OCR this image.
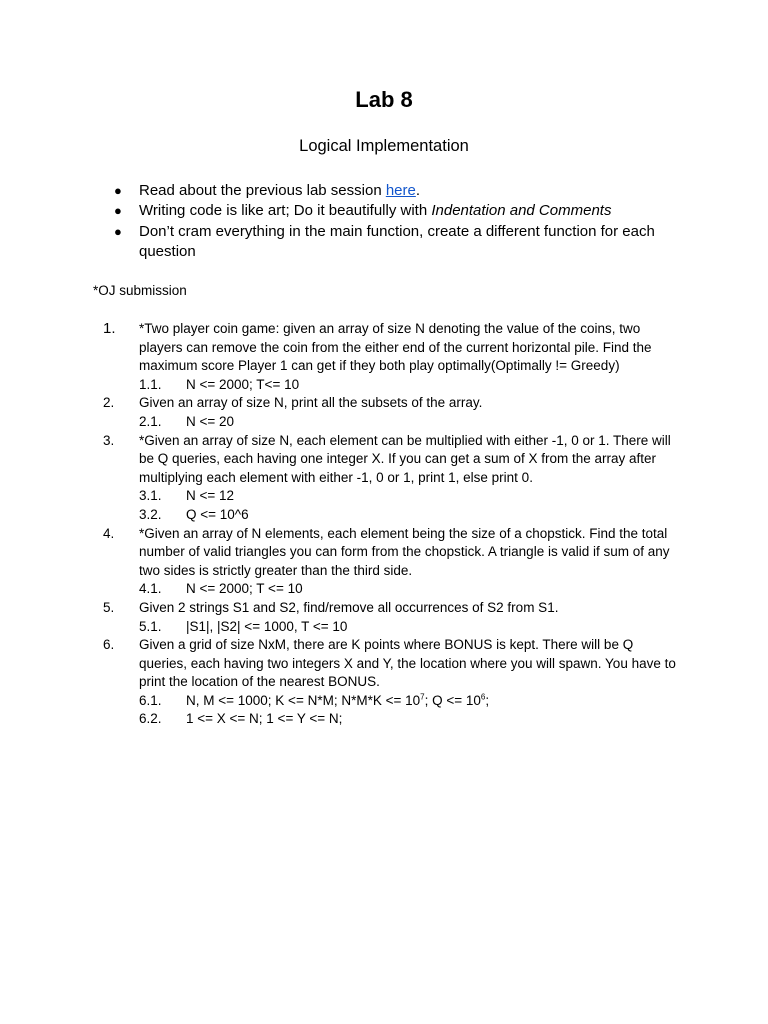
Lab 8
Logical Implementation
● Read about the previous lab session here.
● Writing code is like art; Do it beautifully with Indentation and Comments
● Don’t cram everything in the main function, create a different function for each question
*OJ submission
1. *Two player coin game: given an array of size N denoting the value of the coins, two players can remove the coin from the either end of the current horizontal pile. Find the maximum score Player 1 can get if they both play optimally(Optimally != Greedy)
1.1. N <= 2000; T<= 10
2. Given an array of size N, print all the subsets of the array.
2.1. N <= 20
3. *Given an array of size N, each element can be multiplied with either -1, 0 or 1. There will be Q queries, each having one integer X. If you can get a sum of X from the array after multiplying each element with either -1, 0 or 1, print 1, else print 0.
3.1. N <= 12
3.2. Q <= 10^6
4. *Given an array of N elements, each element being the size of a chopstick. Find the total number of valid triangles you can form from the chopstick. A triangle is valid if sum of any two sides is strictly greater than the third side.
4.1. N <= 2000; T <= 10
5. Given 2 strings S1 and S2, find/remove all occurrences of S2 from S1.
5.1. |S1|, |S2| <= 1000, T <= 10
6. Given a grid of size NxM, there are K points where BONUS is kept. There will be Q queries, each having two integers X and Y, the location where you will spawn. You have to print the location of the nearest BONUS.
6.1. N, M <= 1000; K <= N*M; $N*M*K <= 10^7$; $Q <= 10^6$;
6.2. 1 <= X <= N; 1 <= Y <= N;
